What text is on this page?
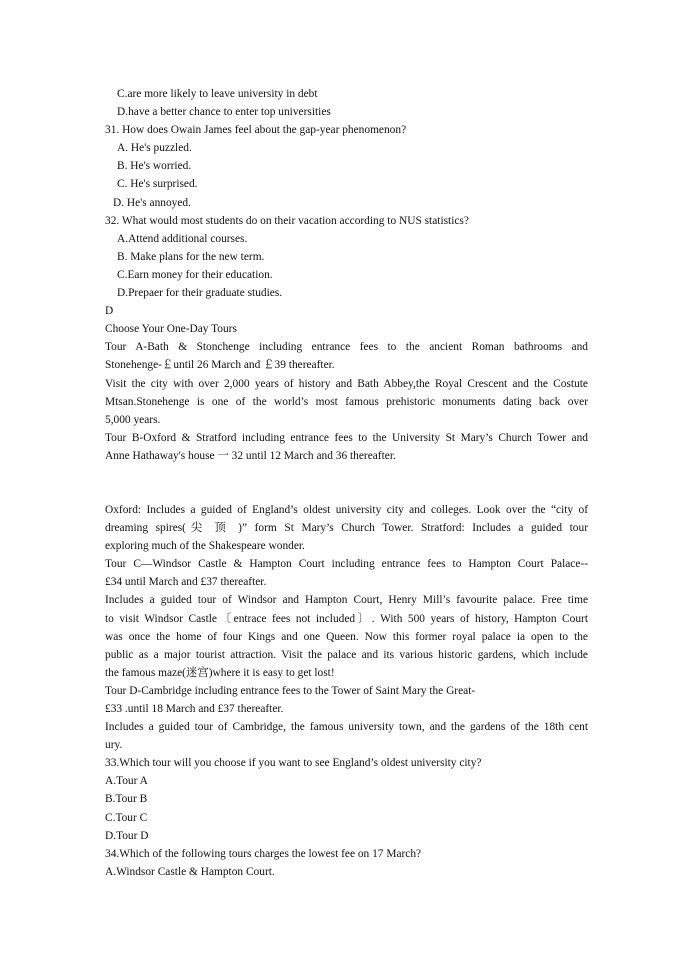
C.are more likely to leave university in debt
D.have a better chance to enter top universities
31. How does Owain James feel about the gap-year phenomenon?
A. He's puzzled.
B. He's worried.
C. He's surprised.
D. He's annoyed.
32. What would most students do on their vacation according to NUS statistics?
A.Attend additional courses.
B. Make plans for the new term.
C.Earn money for their education.
D.Prepaer for their graduate studies.
D
Choose Your One-Day Tours
Tour A-Bath & Stonchenge including entrance fees to the ancient Roman bathrooms and
Stonehenge-￡until 26 March and ￡39 thereafter.
Visit the city with over 2,000 years of history and Bath Abbey,the Royal Crescent and the Costute
Mtsan.Stonehenge is one of the world’s most famous prehistoric monuments dating back over
5,000 years.
Tour B-Oxford & Stratford including entrance fees to the University St Mary’s Church Tower and
Anne Hathaway's house 一 32 until 12 March and 36 thereafter.
Oxford: Includes a guided of England’s oldest university city and colleges. Look over the “city of
dreaming spires(尖 顶 )” form St Mary’s Church Tower. Stratford: Includes a guided tour
exploring much of the Shakespeare wonder.
Tour C—Windsor Castle & Hampton Court including entrance fees to Hampton Court Palace--
£34 until March and £37 thereafter.
Includes a guided tour of Windsor and Hampton Court, Henry Mill’s favourite palace. Free time
to visit Windsor Castle〔entrace fees not included〕. With 500 years of history, Hampton Court
was once the home of four Kings and one Queen. Now this former royal palace ia open to the
public as a major tourist attraction. Visit the palace and its various historic gardens, which include
the famous maze(迷宫)where it is easy to get lost!
Tour D-Cambridge including entrance fees to the Tower of Saint Mary the Great-
£33 .until 18 March and £37 thereafter.
Includes a guided tour of Cambridge, the famous university town, and the gardens of the 18th cent
ury.
33.Which tour will you choose if you want to see England’s oldest university city?
A.Tour A
B.Tour B
C.Tour C
D.Tour D
34.Which of the following tours charges the lowest fee on 17 March?
A.Windsor Castle & Hampton Court.
